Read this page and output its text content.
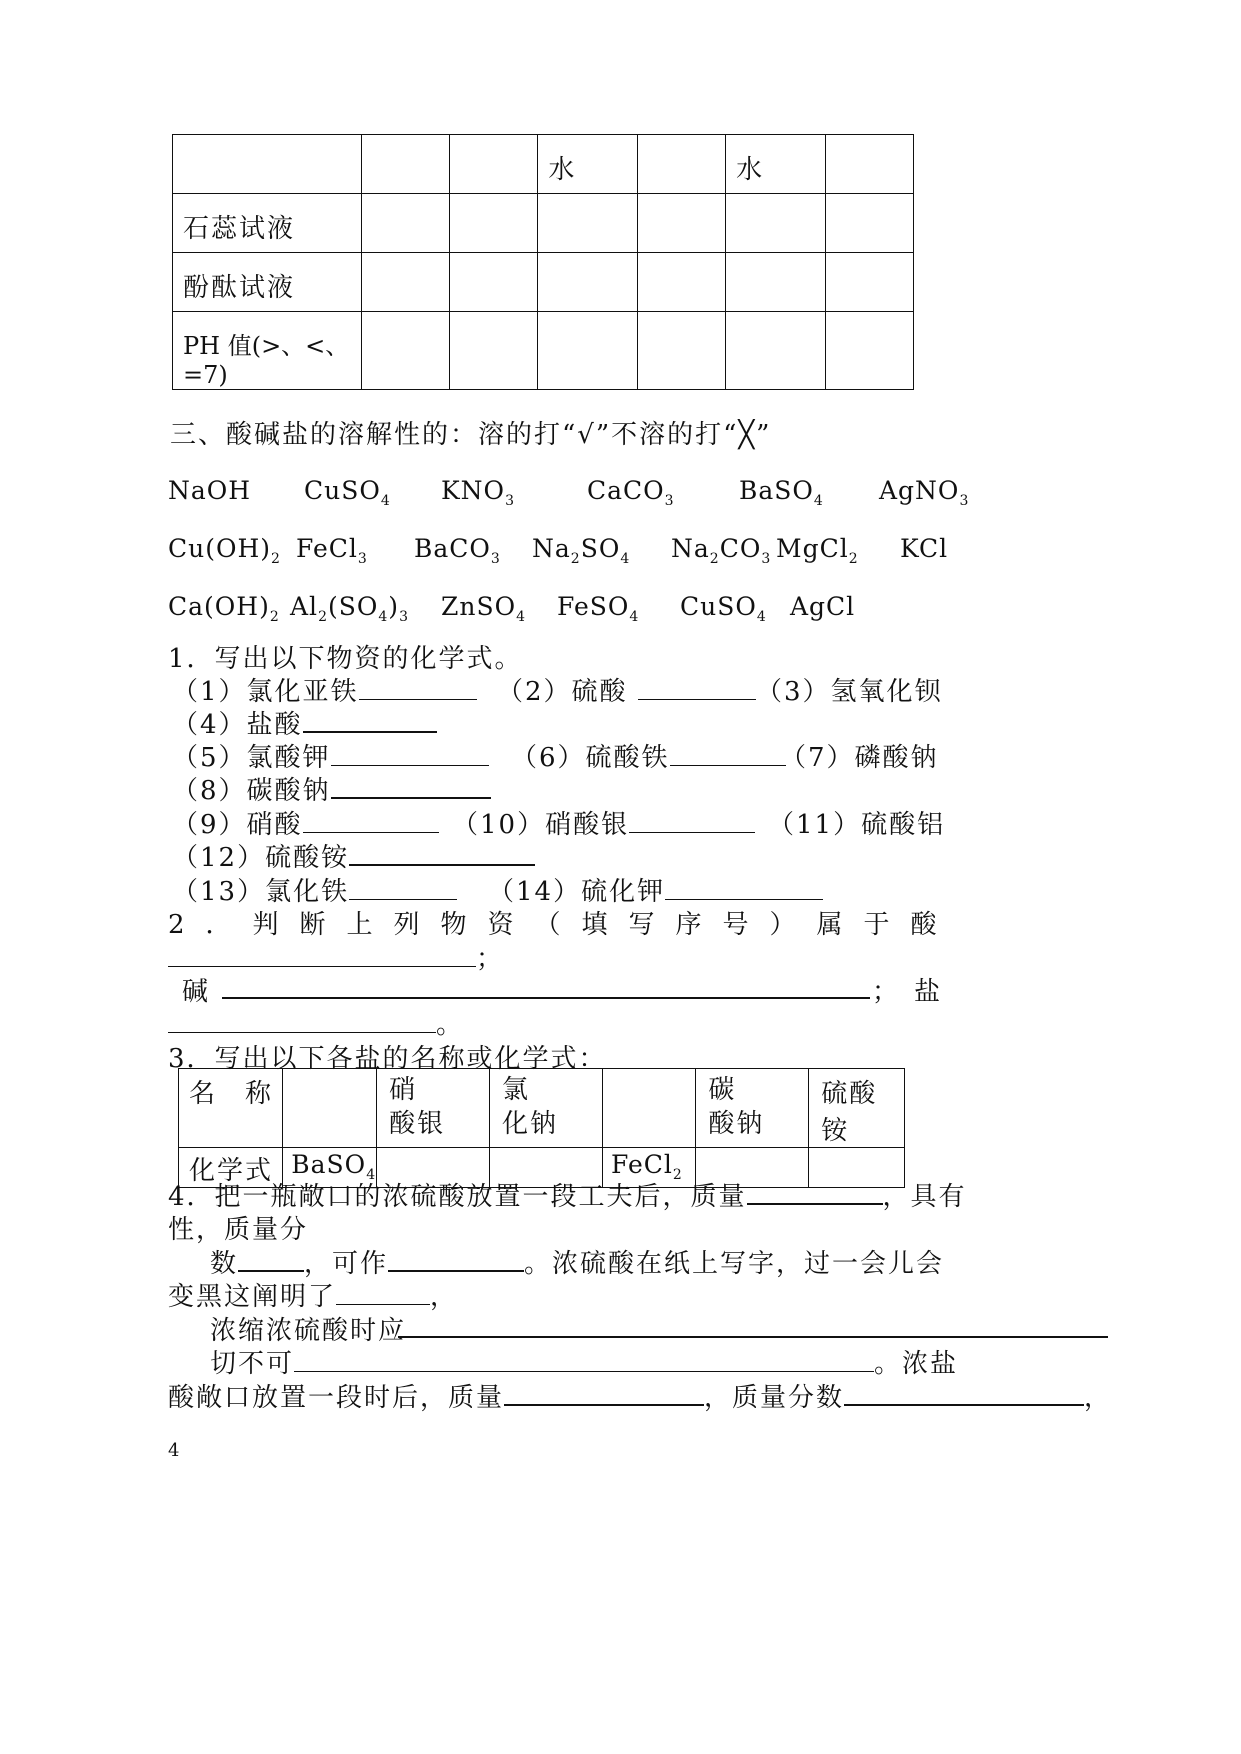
			水		水	
石蕊试液						
酚酞试液						
PH 值(>、<、=7)						
三、酸碱盐的溶解性的：溶的打“√”不溶的打“╳”
NaOH CuSO$_4$ $KNO_3$	CaCO$_3$	BaSO$_4$ AgNO$_3$
$Cu(OH)_2$ FeCl$_3$ BaCO$_3$ $Na_2SO_4$ $Na_2CO_3$ MgCl$_2$ KCl
$Ca(OH)_2$ $Al_2(SO_4)_3$ ZnSO$_4$ FeSO$_4$ CuSO$_4$ AgCl
1．写出以下物资的化学式。
（1）氯化亚铁	（2）硫酸	（3）氢氧化钡
（4）盐酸
（5）氯酸钾	（6）硫酸铁	（7）磷酸钠
（8）碳酸钠
（9）硝酸	（10）硝酸银	（11）硫酸铝
（12）硫酸铵
（13）氯化铁	（14）硫化钾
2．判断上列物资（填写序号）属于酸
；
碱	； 盐
。
3．写出以下各盐的名称或化学式：
名　称		硝　　酸银	氯　　化钠		碳　　酸钠	硫酸铵
化学式	BaSO$_4$			FeCl$_2$		
4．把一瓶敞口的浓硫酸放置一段工夫后，质量	，具有
性，质量分
数	，可作	。浓硫酸在纸上写字，过一会儿会
变黑这阐明了	，
浓缩浓硫酸时应
切不可	。浓盐
酸敞口放置一段时后，质量	，质量分数	，
4
